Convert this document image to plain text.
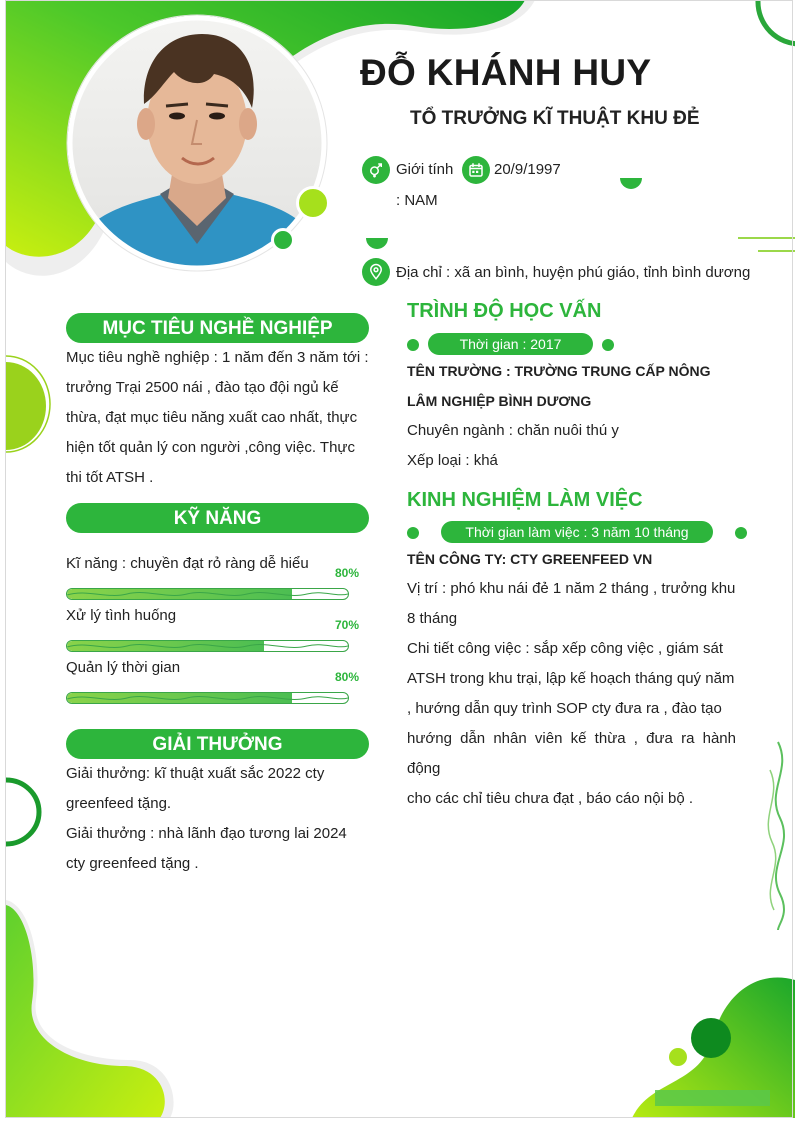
ĐỖ KHÁNH HUY
TỔ TRƯỞNG KĨ THUẬT KHU ĐẺ
Giới tính
: NAM
20/9/1997
Địa chỉ : xã an bình, huyện phú giáo, tỉnh bình dương
MỤC TIÊU NGHỀ NGHIỆP
Mục tiêu nghề nghiệp : 1 năm đến 3 năm tới :
trưởng Trại 2500 nái , đào tạo đội ngủ kế
thừa, đạt mục tiêu năng xuất cao nhất, thực
hiện tốt quản lý con người ,công việc. Thực
thi tốt ATSH .
KỸ NĂNG
Kĩ năng : chuyền đạt rỏ ràng dễ hiểu
80%
Xử lý tình huống
70%
Quản lý thời gian
80%
GIẢI THƯỞNG
Giải thưởng: kĩ thuật xuất sắc 2022 cty
greenfeed tặng.
Giải thưởng : nhà lãnh đạo tương lai 2024
cty greenfeed tặng .
TRÌNH ĐỘ HỌC VẤN
Thời gian : 2017
TÊN TRƯỜNG : TRƯỜNG TRUNG CẤP NÔNG
LÂM NGHIỆP BÌNH DƯƠNG
Chuyên ngành : chăn nuôi thú y
Xếp loại : khá
KINH NGHIỆM LÀM VIỆC
Thời gian làm việc : 3 năm 10 tháng
TÊN CÔNG TY: CTY GREENFEED VN
Vị trí : phó khu nái đẻ 1 năm 2 tháng , trưởng khu
8 tháng
Chi tiết công việc : sắp xếp công việc , giám sát
ATSH trong khu trại, lập kế hoạch tháng quý năm
, hướng dẫn quy trình SOP cty đưa ra , đào tạo
hướng dẫn nhân viên kế thừa , đưa ra hành động
cho các chỉ tiêu chưa đạt , báo cáo nội bộ .
